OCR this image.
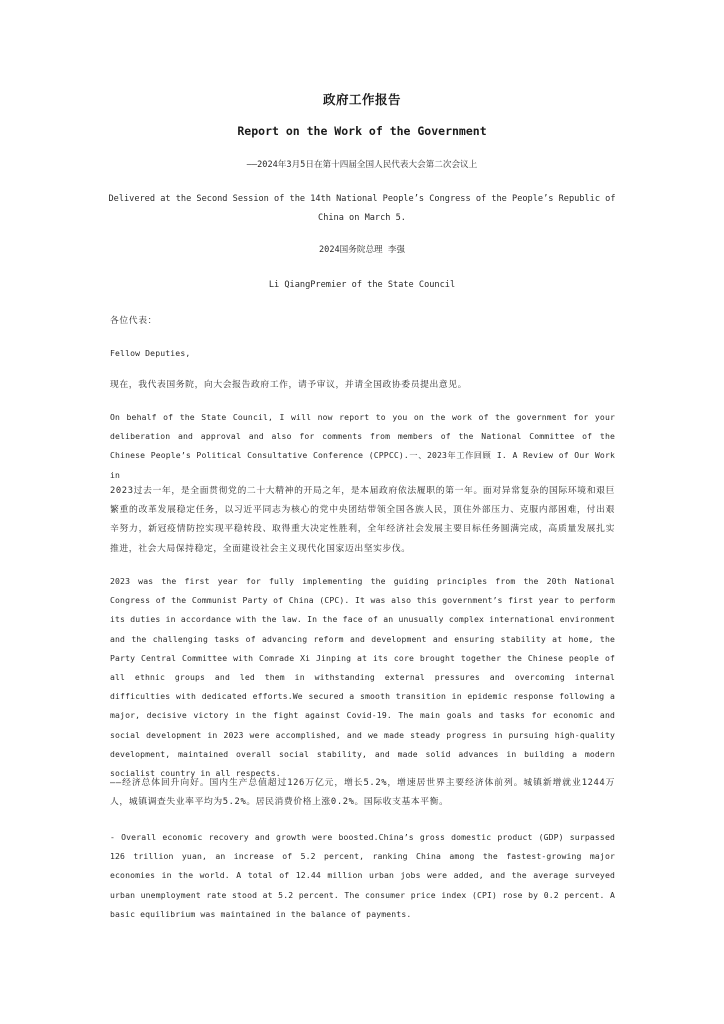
政府工作报告
Report on the Work of the Government
——2024年3月5日在第十四届全国人民代表大会第二次会议上
Delivered at the Second Session of the 14th National People’s Congress of the People’s Republic of China on March 5.
2024国务院总理 李强
Li QiangPremier of the State Council
各位代表：
Fellow Deputies,
现在，我代表国务院，向大会报告政府工作，请予审议，并请全国政协委员提出意见。
On behalf of the State Council, I will now report to you on the work of the government for your deliberation and approval and also for comments from members of the National Committee of the Chinese People’s Political Consultative Conference (CPPCC).一、2023年工作回顾 I. A Review of Our Work in
2023过去一年，是全面贯彻党的二十大精神的开局之年，是本届政府依法履职的第一年。面对异常复杂的国际环境和艰巨繁重的改革发展稳定任务，以习近平同志为核心的党中央团结带领全国各族人民，顶住外部压力、克服内部困难，付出艰辛努力，新冠疫情防控实现平稳转段、取得重大决定性胜利，全年经济社会发展主要目标任务圆满完成，高质量发展扎实推进，社会大局保持稳定，全面建设社会主义现代化国家迈出坚实步伐。
2023 was the first year for fully implementing the guiding principles from the 20th National Congress of the Communist Party of China (CPC). It was also this government’s first year to perform its duties in accordance with the law. In the face of an unusually complex international environment and the challenging tasks of advancing reform and development and ensuring stability at home, the Party Central Committee with Comrade Xi Jinping at its core brought together the Chinese people of all ethnic groups and led them in withstanding external pressures and overcoming internal difficulties with dedicated efforts.We secured a smooth transition in epidemic response following a major, decisive victory in the fight against Covid-19. The main goals and tasks for economic and social development in 2023 were accomplished, and we made steady progress in pursuing high-quality development, maintained overall social stability, and made solid advances in building a modern socialist country in all respects.
——经济总体回升向好。国内生产总值超过126万亿元，增长5.2%，增速居世界主要经济体前列。城镇新增就业1244万人，城镇调查失业率平均为5.2%。居民消费价格上涨0.2%。国际收支基本平衡。
- Overall economic recovery and growth were boosted.China’s gross domestic product (GDP) surpassed 126 trillion yuan, an increase of 5.2 percent, ranking China among the fastest-growing major economies in the world. A total of 12.44 million urban jobs were added, and the average surveyed urban unemployment rate stood at 5.2 percent. The consumer price index (CPI) rose by 0.2 percent. A basic equilibrium was maintained in the balance of payments.
